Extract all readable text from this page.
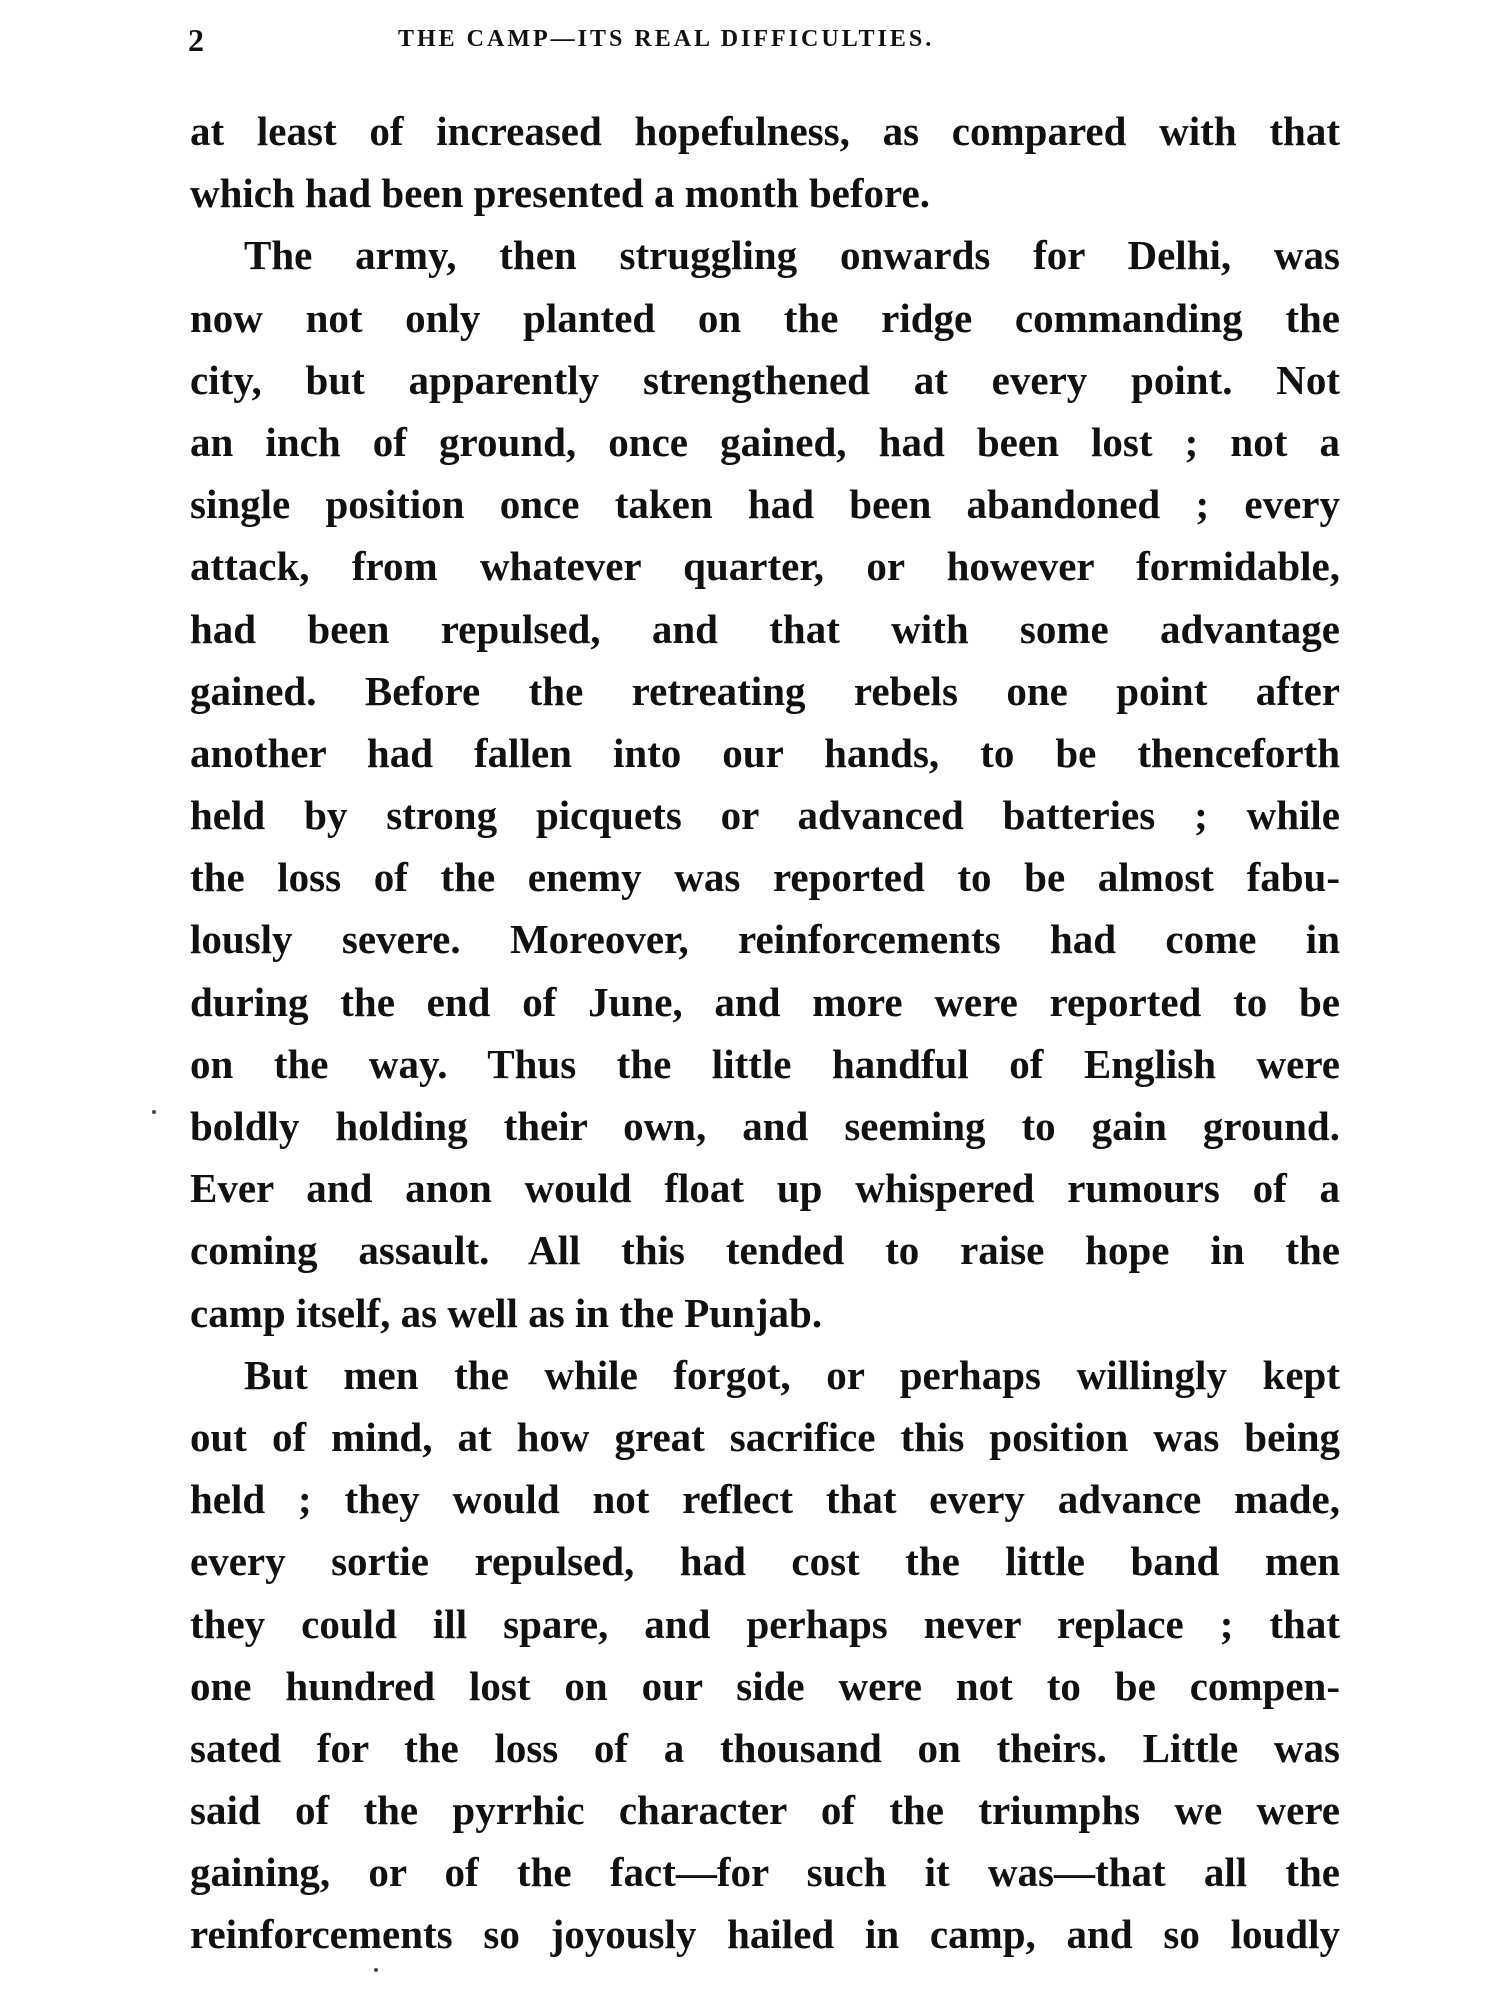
2	THE CAMP—ITS REAL DIFFICULTIES.
at least of increased hopefulness, as compared with that
which had been presented a month before.
The army, then struggling onwards for Delhi, was
now not only planted on the ridge commanding the
city, but apparently strengthened at every point. Not
an inch of ground, once gained, had been lost ; not a
single position once taken had been abandoned ; every
attack, from whatever quarter, or however formidable,
had been repulsed, and that with some advantage
gained. Before the retreating rebels one point after
another had fallen into our hands, to be thenceforth
held by strong picquets or advanced batteries ; while
the loss of the enemy was reported to be almost fabu-
lously severe. Moreover, reinforcements had come in
during the end of June, and more were reported to be
on the way. Thus the little handful of English were
boldly holding their own, and seeming to gain ground.
Ever and anon would float up whispered rumours of a
coming assault. All this tended to raise hope in the
camp itself, as well as in the Punjab.
But men the while forgot, or perhaps willingly kept
out of mind, at how great sacrifice this position was being
held ; they would not reflect that every advance made,
every sortie repulsed, had cost the little band men
they could ill spare, and perhaps never replace ; that
one hundred lost on our side were not to be compen-
sated for the loss of a thousand on theirs. Little was
said of the pyrrhic character of the triumphs we were
gaining, or of the fact—for such it was—that all the
reinforcements so joyously hailed in camp, and so loudly
